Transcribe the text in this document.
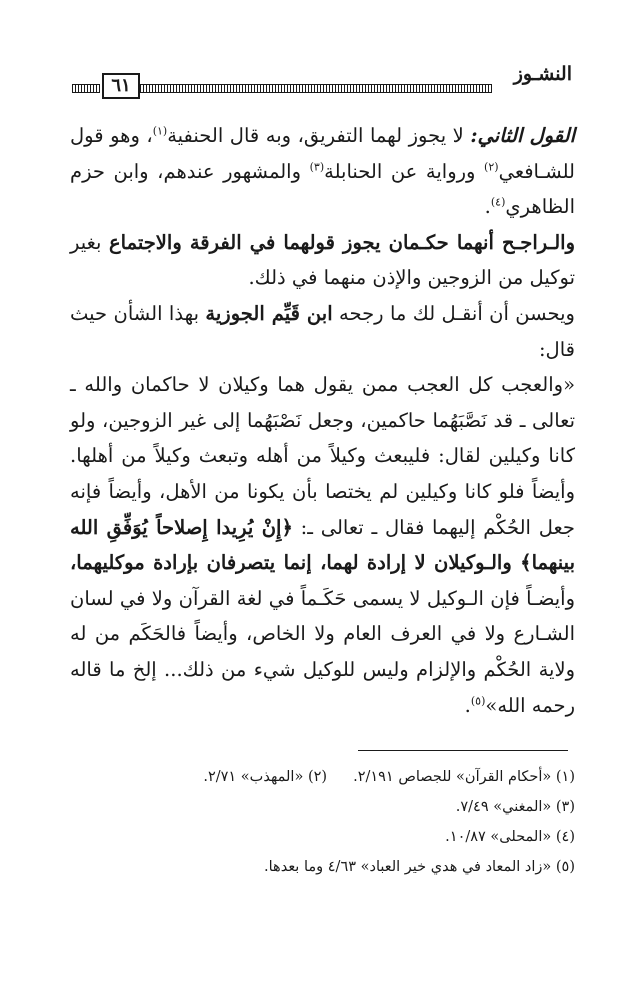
النشـوز
٦١

القول الثاني: لا يجوز لهما التفريق، وبه قال الحنفية$^{(١)}$، وهو قول للشـافعي$^{(٢)}$ ورواية عن الحنابلة$^{(٣)}$ والمشهور عندهم، وابن حزم الظاهري$^{(٤)}$.

والـراجـح أنهما حكـمان يجوز قولهما في الفرقة والاجتماع بغير توكيل من الزوجين والإذن منهما في ذلك.

ويحسن أن أنقـل لك ما رجحه ابن قَيِّم الجوزية بهذا الشأن حيث قال:

«والعجب كل العجب ممن يقول هما وكيلان لا حاكمان والله ـ تعالى ـ قد نَصَّبَهُما حاكمين، وجعل نَصْبَهُما إلى غير الزوجين، ولو كانا وكيلين لقال: فليبعث وكيلاً من أهله وتبعث وكيلاً من أهلها. وأيضاً فلو كانا وكيلين لم يختصا بأن يكونا من الأهل، وأيضاً فإنه جعل الحُكْم إليهما فقال ـ تعالى ـ: ﴿إِنْ يُرِيدا إِصلاحاً يُوَفِّقِ الله بينهما﴾ والـوكيلان لا إرادة لهما، إنما يتصرفان بإرادة موكليهما، وأيضـاً فإن الـوكيل لا يسمى حَكَـماً في لغة القرآن ولا في لسان الشـارع ولا في العرف العام ولا الخاص، وأيضاً فالحَكَم من له ولاية الحُكْم والإلزام وليس للوكيل شيء من ذلك... إلخ ما قاله رحمه الله»$^{(٥)}$.

(١) «أحكام القرآن» للجصاص ٢/١٩١.(٢) «المهذب» ٢/٧١.
(٣) «المغني» ٧/٤٩.
(٤) «المحلى» ١٠/٨٧.
(٥) «زاد المعاد في هدي خير العباد» ٤/٦٣ وما بعدها.
